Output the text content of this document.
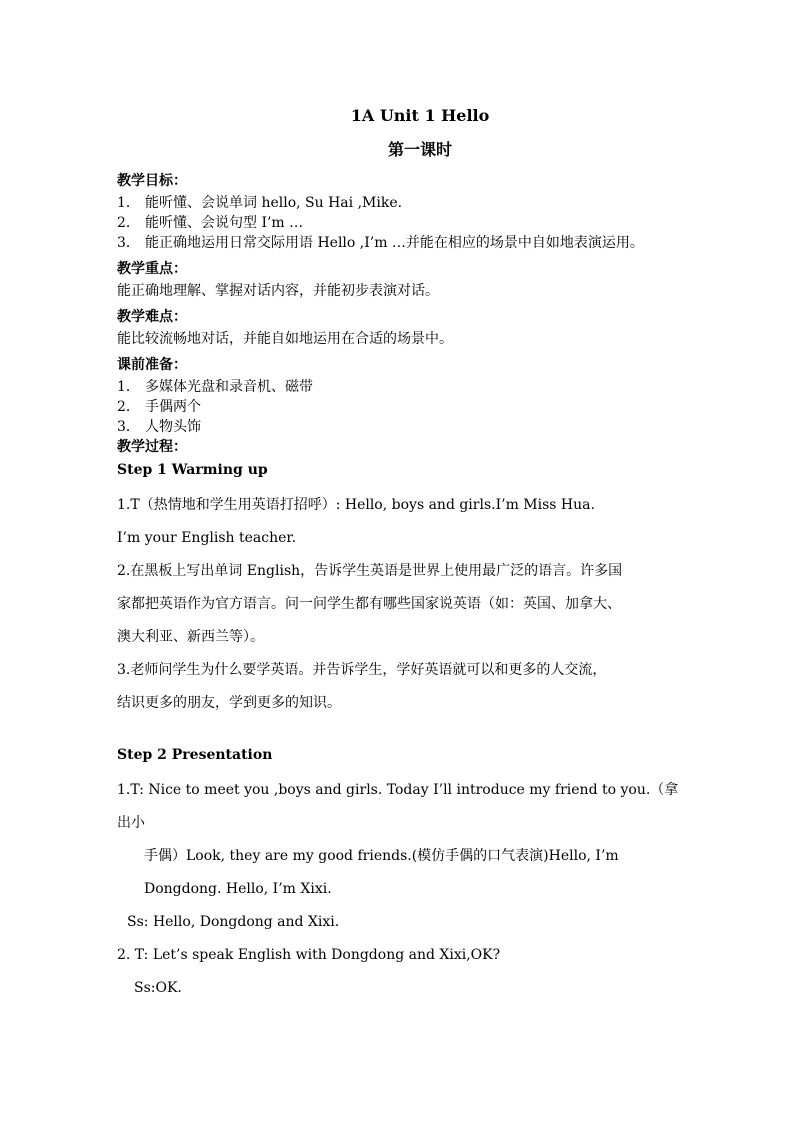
1A Unit 1 Hello
第一课时
教学目标：
1． 能听懂、会说单词 hello, Su Hai ,Mike.
2． 能听懂、会说句型 I’m …
3． 能正确地运用日常交际用语 Hello ,I’m …并能在相应的场景中自如地表演运用。
教学重点：
能正确地理解、掌握对话内容，并能初步表演对话。
教学难点：
能比较流畅地对话，并能自如地运用在合适的场景中。
课前准备：
1． 多媒体光盘和录音机、磁带
2． 手偶两个
3． 人物头饰
教学过程：
Step 1 Warming up
1.T（热情地和学生用英语打招呼）: Hello, boys and girls.I’m Miss Hua.
I’m your English teacher.
2.在黑板上写出单词 English，告诉学生英语是世界上使用最广泛的语言。许多国
家都把英语作为官方语言。问一问学生都有哪些国家说英语（如：英国、加拿大、
澳大利亚、新西兰等）。
3.老师问学生为什么要学英语。并告诉学生，学好英语就可以和更多的人交流，
结识更多的朋友，学到更多的知识。
Step 2 Presentation
1.T: Nice to meet you ,boys and girls. Today I’ll introduce my friend to you.（拿出小
手偶）Look, they are my good friends.(模仿手偶的口气表演)Hello, I’m
Dongdong. Hello, I’m Xixi.
Ss: Hello, Dongdong and Xixi.
2. T: Let’s speak English with Dongdong and Xixi,OK?
Ss:OK.
